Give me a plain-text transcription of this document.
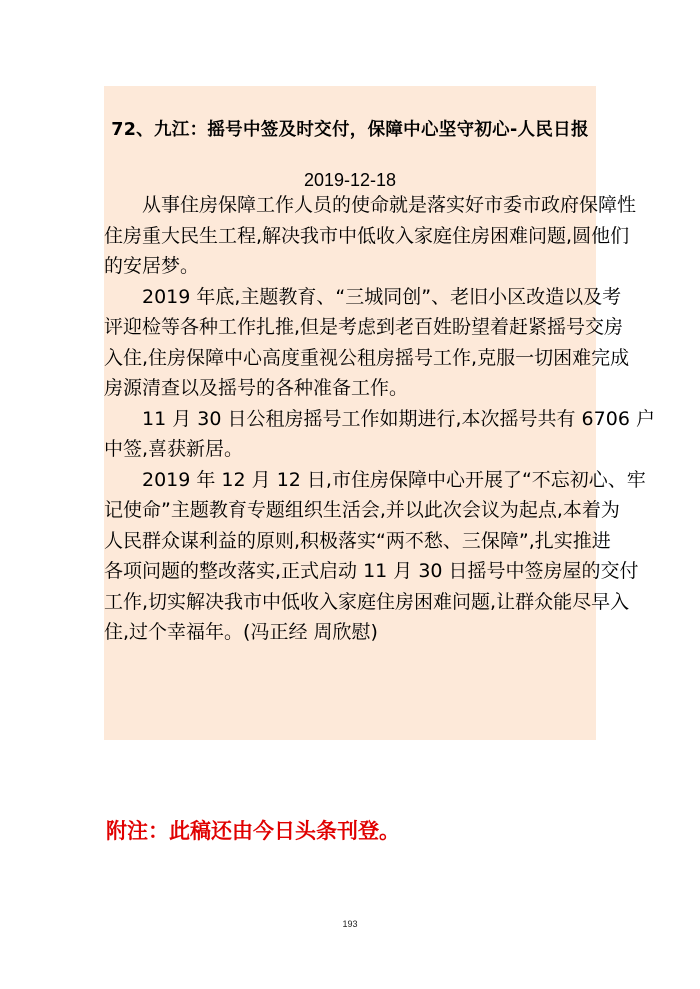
72、九江：摇号中签及时交付，保障中心坚守初心-人民日报
2019-12-18
从事住房保障工作人员的使命就是落实好市委市政府保障性
住房重大民生工程,解决我市中低收入家庭住房困难问题,圆他们
的安居梦。
2019 年底,主题教育、“三城同创”、老旧小区改造以及考
评迎检等各种工作扎推,但是考虑到老百姓盼望着赶紧摇号交房
入住,住房保障中心高度重视公租房摇号工作,克服一切困难完成
房源清查以及摇号的各种准备工作。
11 月 30 日公租房摇号工作如期进行,本次摇号共有 6706 户
中签,喜获新居。
2019 年 12 月 12 日,市住房保障中心开展了“不忘初心、牢
记使命”主题教育专题组织生活会,并以此次会议为起点,本着为
人民群众谋利益的原则,积极落实“两不愁、三保障”,扎实推进
各项问题的整改落实,正式启动 11 月 30 日摇号中签房屋的交付
工作,切实解决我市中低收入家庭住房困难问题,让群众能尽早入
住,过个幸福年。(冯正经 周欣慰)
附注：此稿还由今日头条刊登。
193
